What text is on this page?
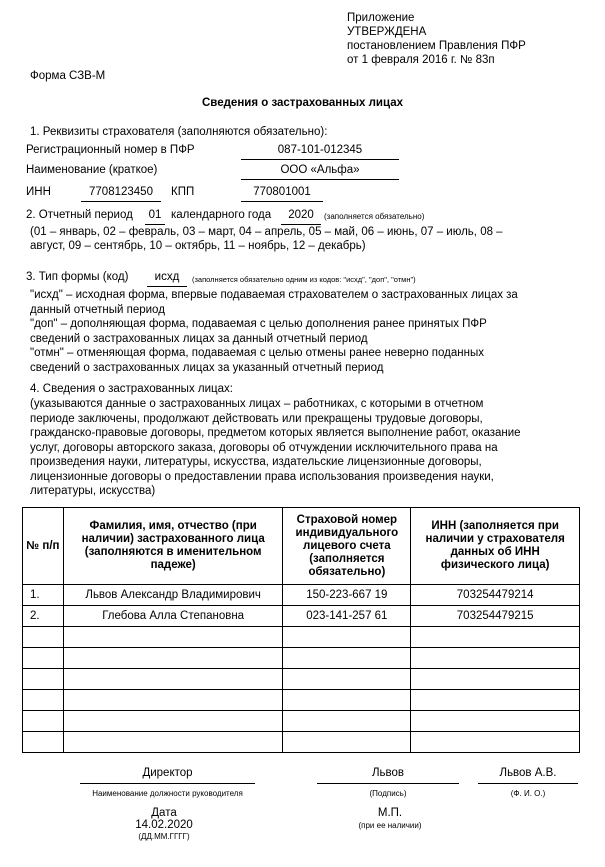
Приложение
УТВЕРЖДЕНА
постановлением Правления ПФР
от 1 февраля 2016 г. № 83п
Форма СЗВ-М
Сведения о застрахованных лицах
1. Реквизиты страхователя (заполняются обязательно):
Регистрационный номер в ПФР	087-101-012345
Наименование (краткое)	ООО «Альфа»
ИНН	7708123450	КПП	770801001
2. Отчетный период	01 календарного года	2020	(заполняется обязательно)
(01 – январь, 02 – февраль, 03 – март, 04 – апрель, 05 – май, 06 – июнь, 07 – июль, 08 –
август, 09 – сентябрь, 10 – октябрь, 11 – ноябрь, 12 – декабрь)
3. Тип формы (код)	исхд	(заполняется обязательно одним из кодов: "исхд", "доп", "отмн")
"исхд" – исходная форма, впервые подаваемая страхователем о застрахованных лицах за
данный отчетный период
"доп" – дополняющая форма, подаваемая с целью дополнения ранее принятых ПФР
сведений о застрахованных лицах за данный отчетный период
"отмн" – отменяющая форма, подаваемая с целью отмены ранее неверно поданных
сведений о застрахованных лицах за указанный отчетный период
4. Сведения о застрахованных лицах:
(указываются данные о застрахованных лицах – работниках, с которыми в отчетном
периоде заключены, продолжают действовать или прекращены трудовые договоры,
гражданско-правовые договоры, предметом которых является выполнение работ, оказание
услуг, договоры авторского заказа, договоры об отчуждении исключительного права на
произведения науки, литературы, искусства, издательские лицензионные договоры,
лицензионные договоры о предоставлении права использования произведения науки,
литературы, искусства)
№ п/п	Фамилия, имя, отчество (при наличии) застрахованного лица (заполняются в именительном падеже)	Страховой номер индивидуального лицевого счета (заполняется обязательно)	ИНН (заполняется при наличии у страхователя данных об ИНН физического лица)
1.	Львов Александр Владимирович	150-223-667 19	703254479214
2.	Глебова Алла Степановна	023-141-257 61	703254479215

Директор
Наименование должности руководителя
Львов
(Подпись)
Львов А.В.
(Ф. И. О.)
Дата
14.02.2020
(ДД.ММ.ГГГГ)
М.П.
(при ее наличии)
